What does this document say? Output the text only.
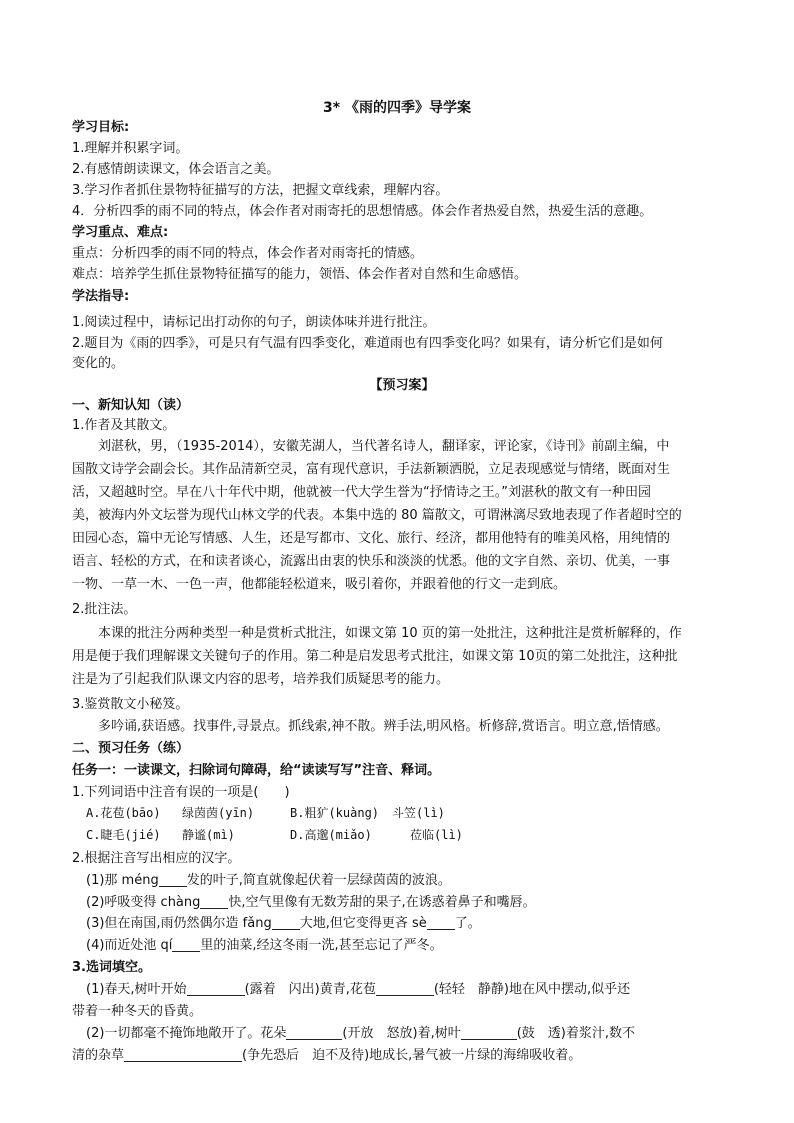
3* 《雨的四季》导学案
学习目标:
1.理解并积累字词。
2.有感情朗读课文，体会语言之美。
3.学习作者抓住景物特征描写的方法，把握文章线索，理解内容。
4．分析四季的雨不同的特点，体会作者对雨寄托的思想情感。体会作者热爱自然，热爱生活的意趣。
学习重点、难点:
重点：分析四季的雨不同的特点，体会作者对雨寄托的情感。
难点：培养学生抓住景物特征描写的能力，领悟、体会作者对自然和生命感悟。
学法指导:
1.阅读过程中，请标记出打动你的句子，朗读体味并进行批注。
2.题目为《雨的四季》，可是只有气温有四季变化，难道雨也有四季变化吗？如果有，请分析它们是如何
变化的。
【预习案】
一、新知认知（读）
1.作者及其散文。
刘湛秋，男，（1935-2014），安徽芜湖人，当代著名诗人，翻译家，评论家，《诗刊》前副主编，中
国散文诗学会副会长。其作品清新空灵，富有现代意识，手法新颖洒脱，立足表现感觉与情绪，既面对生
活，又超越时空。早在八十年代中期，他就被一代大学生誉为“抒情诗之王。”刘湛秋的散文有一种田园
美，被海内外文坛誉为现代山林文学的代表。本集中选的 80 篇散文，可谓淋漓尽致地表现了作者超时空的
田园心态，篇中无论写情感、人生，还是写都市、文化、旅行、经济，都用他特有的唯美风格，用纯情的
语言、轻松的方式，在和读者谈心，流露出由衷的快乐和淡淡的忧悉。他的文字自然、亲切、优美，一事
一物、一草一木、一色一声，他都能轻松道来，吸引着你，并跟着他的行文一走到底。
2.批注法。
本课的批注分两种类型一种是赏析式批注，如课文第 10 页的第一处批注，这种批注是赏析解释的，作
用是便于我们理解课文关键句子的作用。第二种是启发思考式批注，如课文第 10页的第二处批注，这种批
注是为了引起我们队课文内容的思考，培养我们质疑思考的能力。
3.鉴赏散文小秘笈。
多吟诵,获语感。找事件,寻景点。抓线索,神不散。辨手法,明风格。析修辞,赏语言。明立意,悟情感。
二、预习任务（练）
任务一：一读课文，扫除词句障碍，给“读读写写”注音、释词。
1.下列词语中注音有误的一项是(　　)
A.花苞(bāo) 绿茵茵(yīn)	B.粗犷(kuàng) 斗笠(lì)
C.睫毛(jié) 静谧(mì)	D.高邈(miǎo)	莅临(lì)
2.根据注音写出相应的汉字。
(1)那 méng 发的叶子,简直就像起伏着一层绿茵茵的波浪。
(2)呼吸变得 chàng 快,空气里像有无数芳甜的果子,在诱惑着鼻子和嘴唇。
(3)但在南国,雨仍然偶尔造 fǎng 大地,但它变得更吝 sè 了。
(4)而近处池 qí 里的油菜,经这冬雨一洗,甚至忘记了严冬。
3.选词填空。
(1)春天,树叶开始	(露着　闪出)黄青,花苞	(轻轻　静静)地在风中摆动,似乎还
带着一种冬天的昏黄。
(2)一切都毫不掩饰地敞开了。花朵	(开放　怒放)着,树叶	(鼓　透)着浆汁,数不
清的杂草	(争先恐后　迫不及待)地成长,暑气被一片绿的海绵吸收着。
